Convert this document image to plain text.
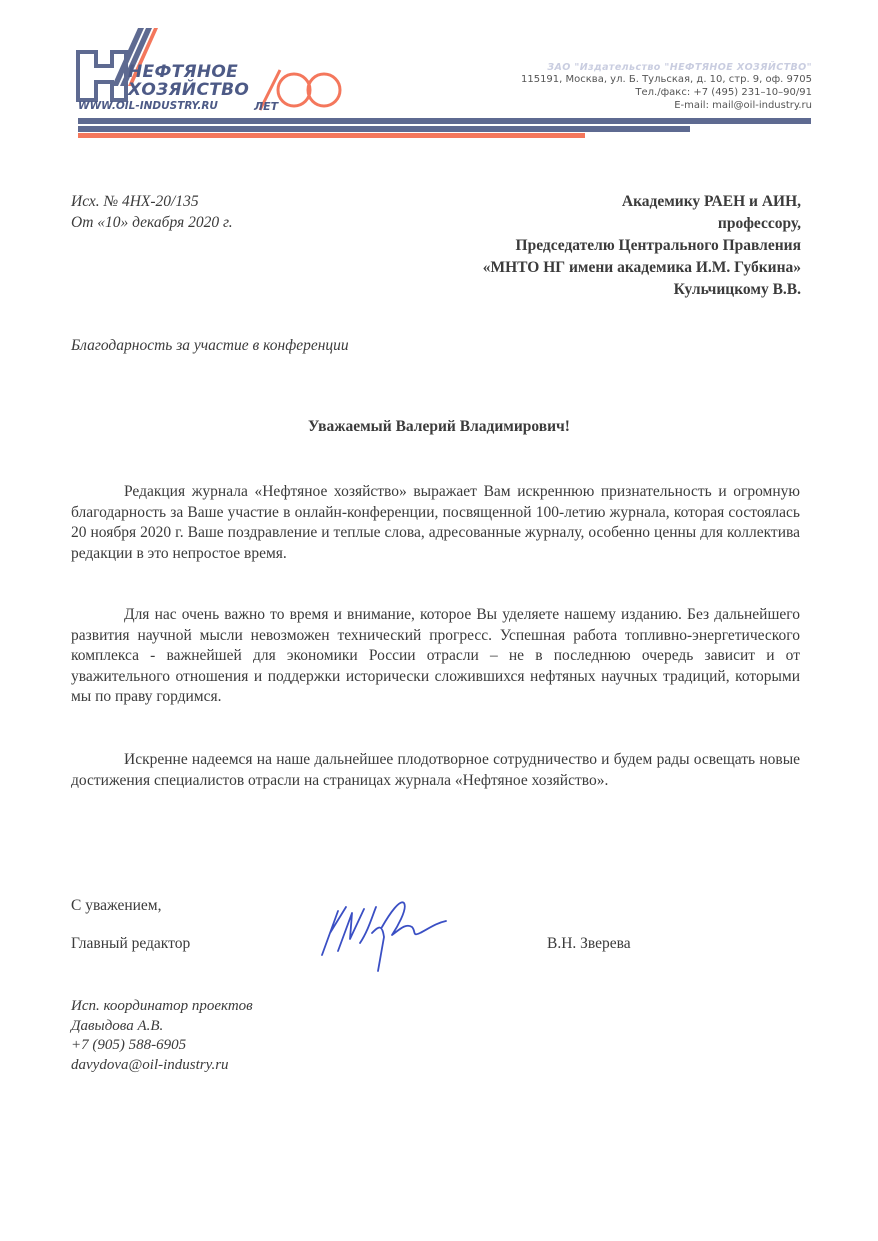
НЕФТЯНОЕ
ХОЗЯЙСТВО
WWW.OIL-INDUSTRY.RU	ЛЕТ
ЗАО "Издательство "НЕФТЯНОЕ ХОЗЯЙСТВО"
115191, Москва, ул. Б. Тульская, д. 10, стр. 9, оф. 9705
Тел./факс: +7 (495) 231–10–90/91
E-mail: mail@oil-industry.ru
Исх. № 4НХ-20/135
От «10» декабря 2020 г.
Академику РАЕН и АИН,
профессору,
Председателю Центрального Правления
«МНТО НГ имени академика И.М. Губкина»
Кульчицкому В.В.
Благодарность за участие в конференции
Уважаемый Валерий Владимирович!

Редакция журнала «Нефтяное хозяйство» выражает Вам искреннюю признательность и огромную благодарность за Ваше участие в онлайн-конференции, посвященной 100-летию журнала, которая состоялась 20 ноября 2020 г. Ваше поздравление и теплые слова, адресованные журналу, особенно ценны для коллектива редакции в это непростое время.

Для нас очень важно то время и внимание, которое Вы уделяете нашему изданию. Без дальнейшего развития научной мысли невозможен технический прогресс. Успешная работа топливно-энергетического комплекса - важнейшей для экономики России отрасли – не в последнюю очередь зависит и от уважительного отношения и поддержки исторически сложившихся нефтяных научных традиций, которыми мы по праву гордимся.

Искренне надеемся на наше дальнейшее плодотворное сотрудничество и будем рады освещать новые достижения специалистов отрасли на страницах журнала «Нефтяное хозяйство».

С уважением,
Главный редактор	В.Н. Зверева
Исп. координатор проектов
Давыдова А.В.
+7 (905) 588-6905
davydova@oil-industry.ru
